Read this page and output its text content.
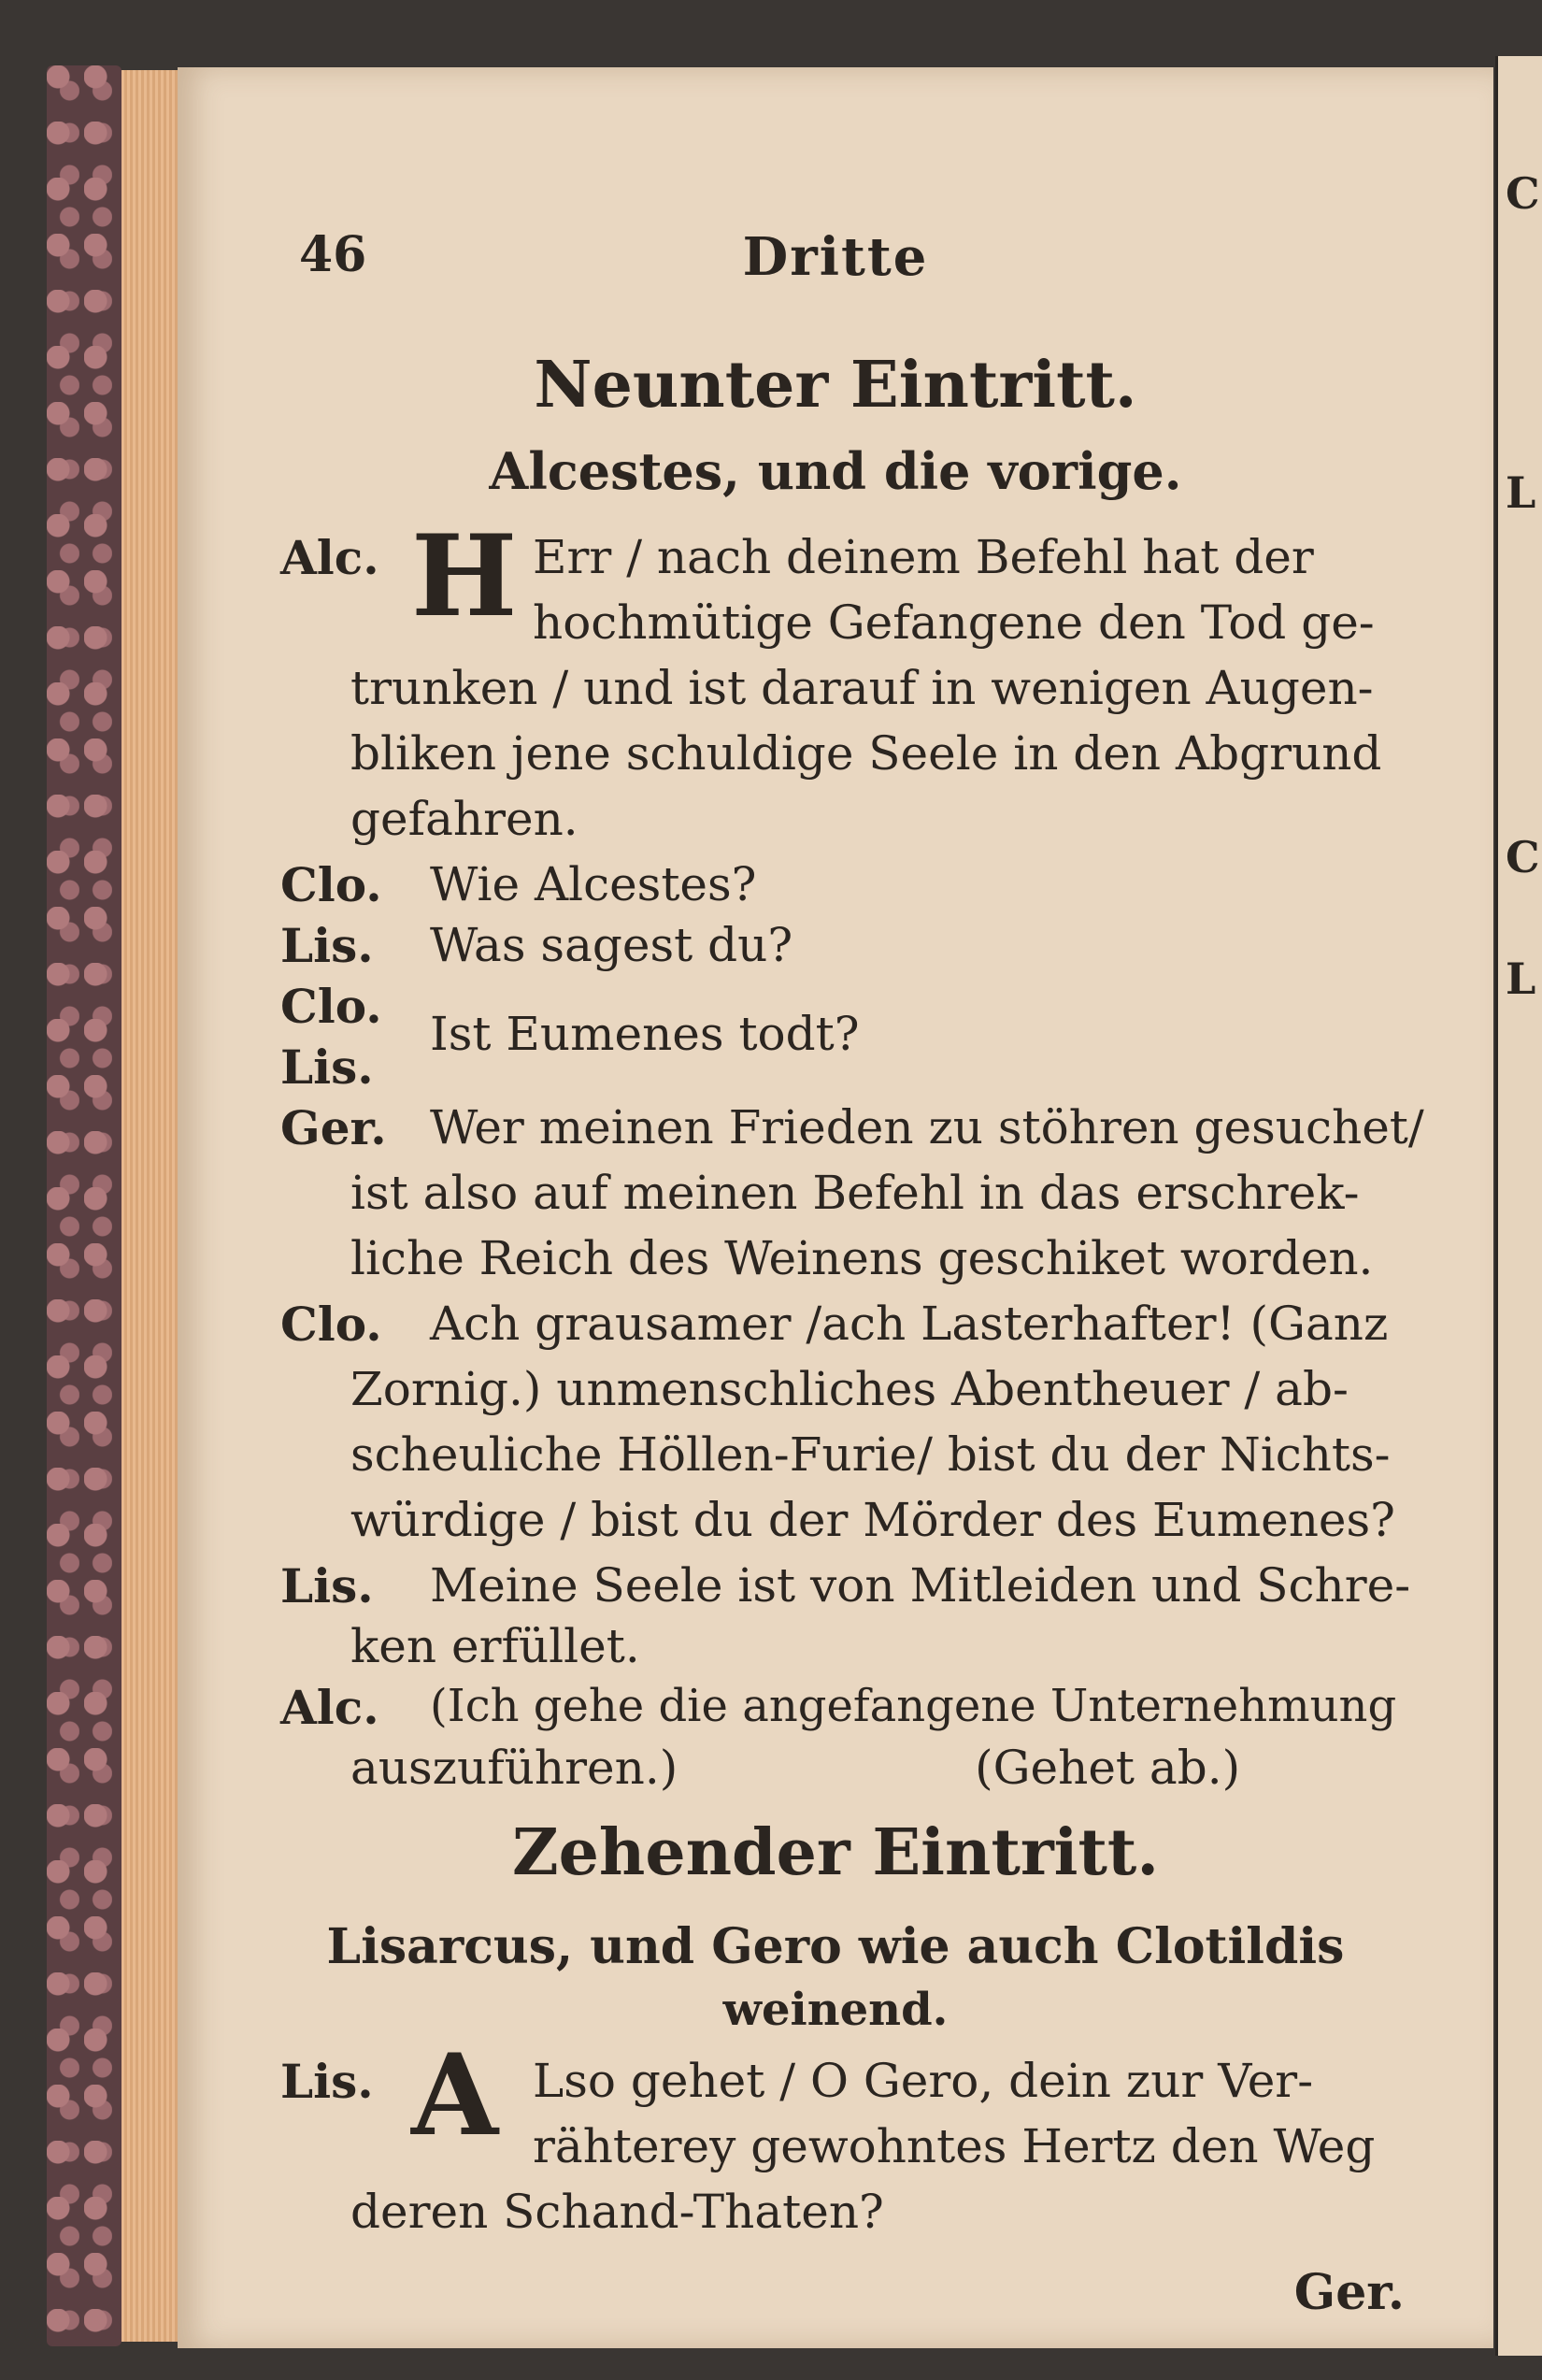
C
L
C
L
46	Dritte
Neunter Eintritt.
Alcestes, und die vorige.
Alc. H Err / nach deinem Befehl hat der
hochmütige Gefangene den Tod ge-
trunken / und ist darauf in wenigen Augen-
bliken jene schuldige Seele in den Abgrund
gefahren.
Clo. Wie Alcestes?
Lis. Was sagest du?
Clo.
Lis.
Ist Eumenes todt?
Ger. Wer meinen Frieden zu stöhren gesuchet/
ist also auf meinen Befehl in das erschrek-
liche Reich des Weinens geschiket worden.
Clo. Ach grausamer /ach Lasterhafter! (Ganz
Zornig.) unmenschliches Abentheuer / ab-
scheuliche Höllen-Furie/ bist du der Nichts-
würdige / bist du der Mörder des Eumenes?
Lis. Meine Seele ist von Mitleiden und Schre-
ken erfüllet.
Alc. (Ich gehe die angefangene Unternehmung
auszuführen.)                    (Gehet ab.)
Zehender Eintritt.
Lisarcus, und Gero wie auch Clotildis
weinend.
Lis. A Lso gehet / O Gero, dein zur Ver-
rähterey gewohntes Hertz den Weg
deren Schand-Thaten?
Ger.
